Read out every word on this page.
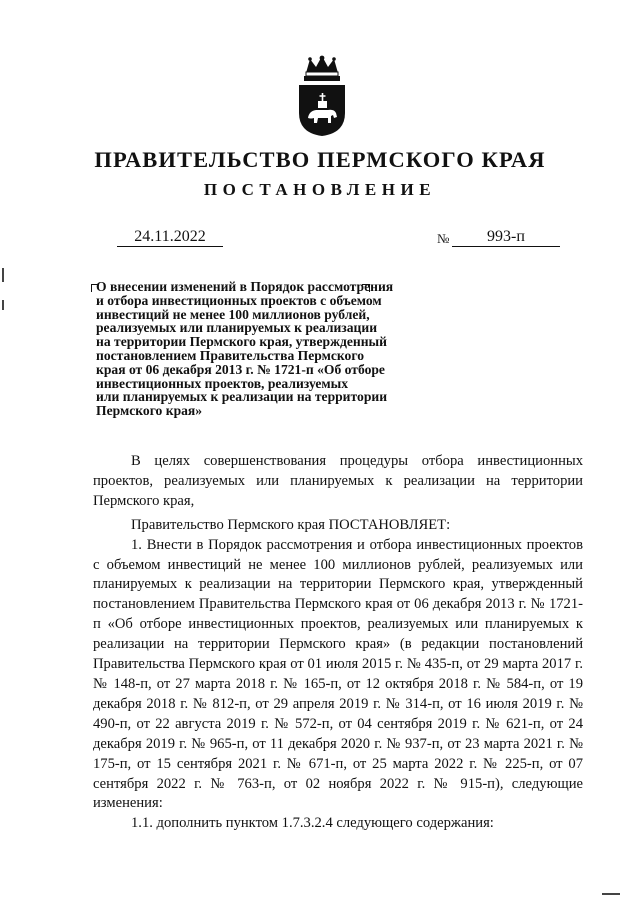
ПРАВИТЕЛЬСТВО ПЕРМСКОГО КРАЯ
ПОСТАНОВЛЕНИЕ
24.11.2022	№	993-п
О внесении изменений в Порядок рассмотрения
и отбора инвестиционных проектов с объемом
инвестиций не менее 100 миллионов рублей,
реализуемых или планируемых к реализации
на территории Пермского края, утвержденный
постановлением Правительства Пермского
края от 06 декабря 2013 г. № 1721-п «Об отборе
инвестиционных проектов, реализуемых
или планируемых к реализации на территории
Пермского края»

В целях совершенствования процедуры отбора инвестиционных проектов, реализуемых или планируемых к реализации на территории Пермского края,

Правительство Пермского края ПОСТАНОВЛЯЕТ:

1. Внести в Порядок рассмотрения и отбора инвестиционных проектов с объемом инвестиций не менее 100 миллионов рублей, реализуемых или планируемых к реализации на территории Пермского края, утвержденный постановлением Правительства Пермского края от 06 декабря 2013 г. № 1721-п «Об отборе инвестиционных проектов, реализуемых или планируемых к реализации на территории Пермского края» (в редакции постановлений Правительства Пермского края от 01 июля 2015 г. № 435-п, от 29 марта 2017 г. № 148-п, от 27 марта 2018 г. № 165-п, от 12 октября 2018 г. № 584-п, от 19 декабря 2018 г. № 812-п, от 29 апреля 2019 г. № 314-п, от 16 июля 2019 г. № 490-п, от 22 августа 2019 г. № 572-п, от 04 сентября 2019 г. № 621-п, от 24 декабря 2019 г. № 965-п, от 11 декабря 2020 г. № 937-п, от 23 марта 2021 г. № 175-п, от 15 сентября 2021 г. № 671-п, от 25 марта 2022 г. № 225-п, от 07 сентября 2022 г. № 763-п, от 02 ноября 2022 г. № 915-п), следующие изменения:

1.1. дополнить пунктом 1.7.3.2.4 следующего содержания:
